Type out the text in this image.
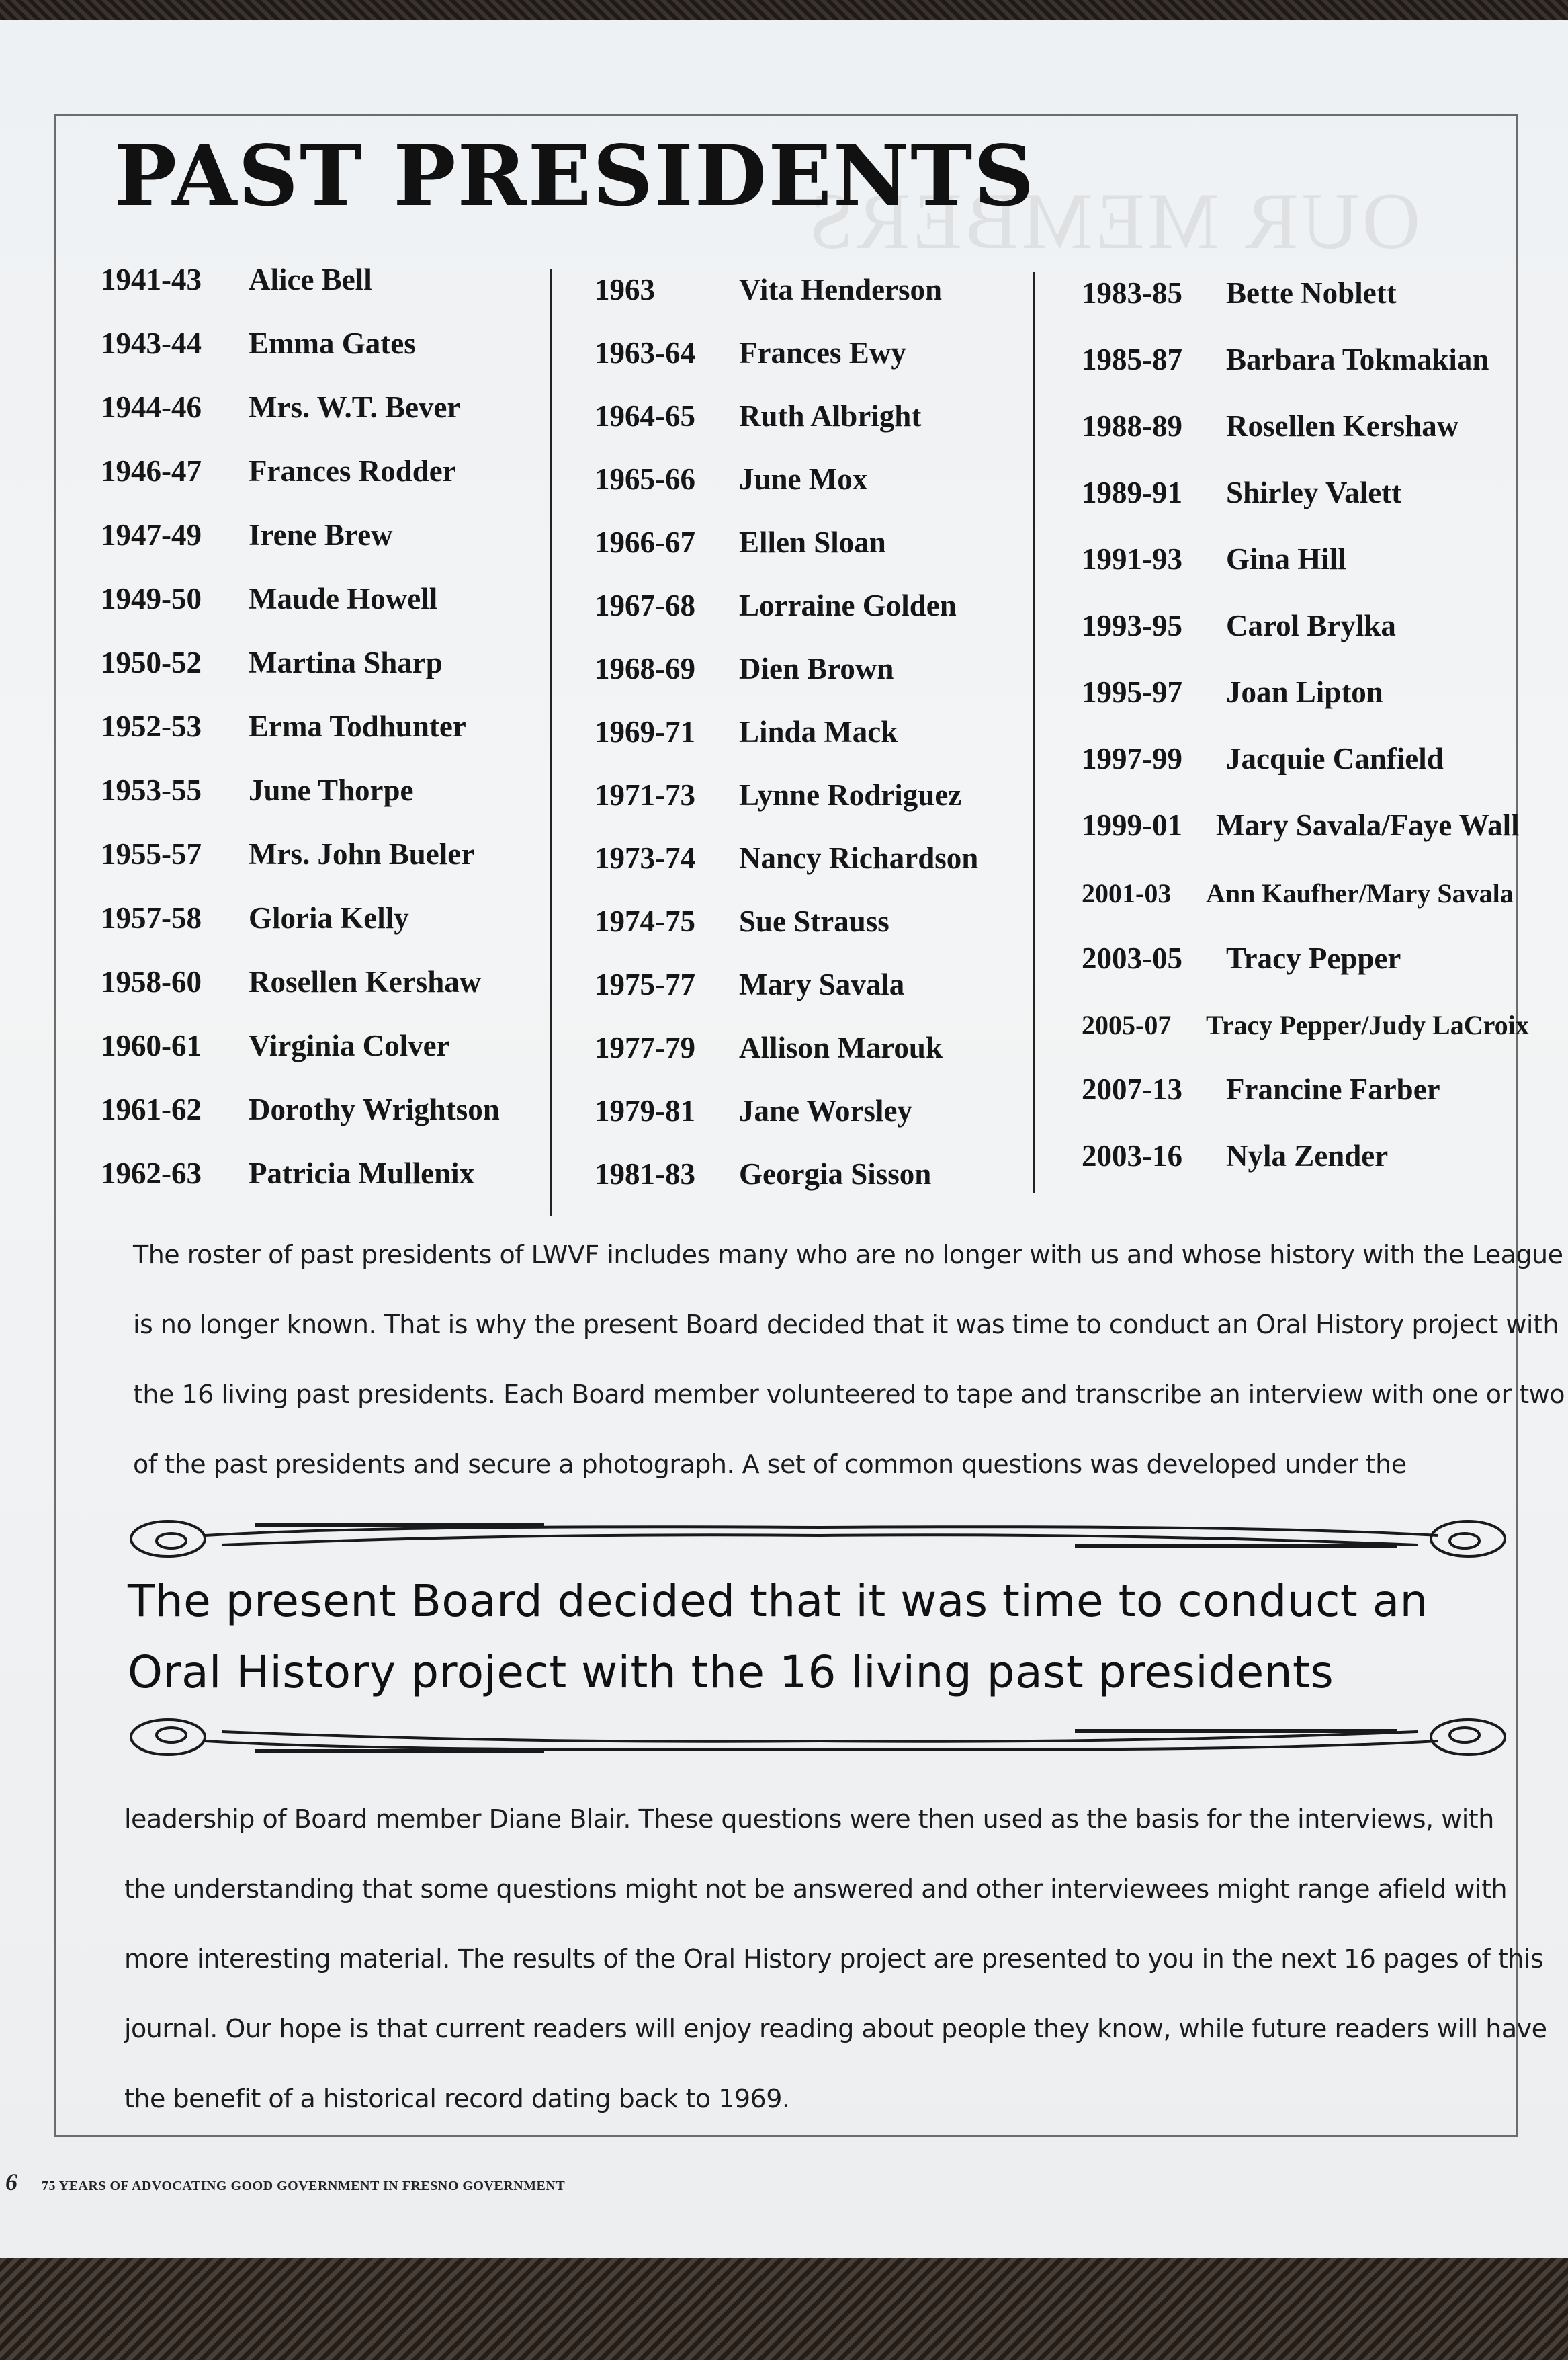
OUR MEMBERS
PAST PRESIDENTS
1941-43 Alice Bell
1943-44 Emma Gates
1944-46 Mrs. W.T. Bever
1946-47 Frances Rodder
1947-49 Irene Brew
1949-50 Maude Howell
1950-52 Martina Sharp
1952-53 Erma Todhunter
1953-55 June Thorpe
1955-57 Mrs. John Bueler
1957-58 Gloria Kelly
1958-60 Rosellen Kershaw
1960-61 Virginia Colver
1961-62 Dorothy Wrightson
1962-63 Patricia Mullenix
1963	Vita Henderson
1963-64 Frances Ewy
1964-65 Ruth Albright
1965-66 June Mox
1966-67 Ellen Sloan
1967-68 Lorraine Golden
1968-69 Dien Brown
1969-71 Linda Mack
1971-73 Lynne Rodriguez
1973-74 Nancy Richardson
1974-75 Sue Strauss
1975-77 Mary Savala
1977-79 Allison Marouk
1979-81 Jane Worsley
1981-83 Georgia Sisson
1983-85 Bette Noblett
1985-87 Barbara Tokmakian
1988-89 Rosellen Kershaw
1989-91 Shirley Valett
1991-93 Gina Hill
1993-95 Carol Brylka
1995-97 Joan Lipton
1997-99 Jacquie Canfield
1999-01 Mary Savala/Faye Wall
2001-03 Ann Kaufher/Mary Savala
2003-05 Tracy Pepper
2005-07 Tracy Pepper/Judy LaCroix
2007-13 Francine Farber
2003-16 Nyla Zender
The roster of past presidents of LWVF includes many who are no longer with us and whose history with the League
is no longer known. That is why the present Board decided that it was time to conduct an Oral History project with
the 16 living past presidents. Each Board member volunteered to tape and transcribe an interview with one or two
of the past presidents and secure a photograph. A set of common questions was developed under the
The present Board decided that it was time to conduct an
Oral History project with the 16 living past presidents
leadership of Board member Diane Blair. These questions were then used as the basis for the interviews, with
the understanding that some questions might not be answered and other interviewees might range afield with
more interesting material. The results of the Oral History project are presented to you in the next 16 pages of this
journal. Our hope is that current readers will enjoy reading about people they know, while future readers will have
the benefit of a historical record dating back to 1969.
6 75 YEARS OF ADVOCATING GOOD GOVERNMENT IN FRESNO GOVERNMENT
